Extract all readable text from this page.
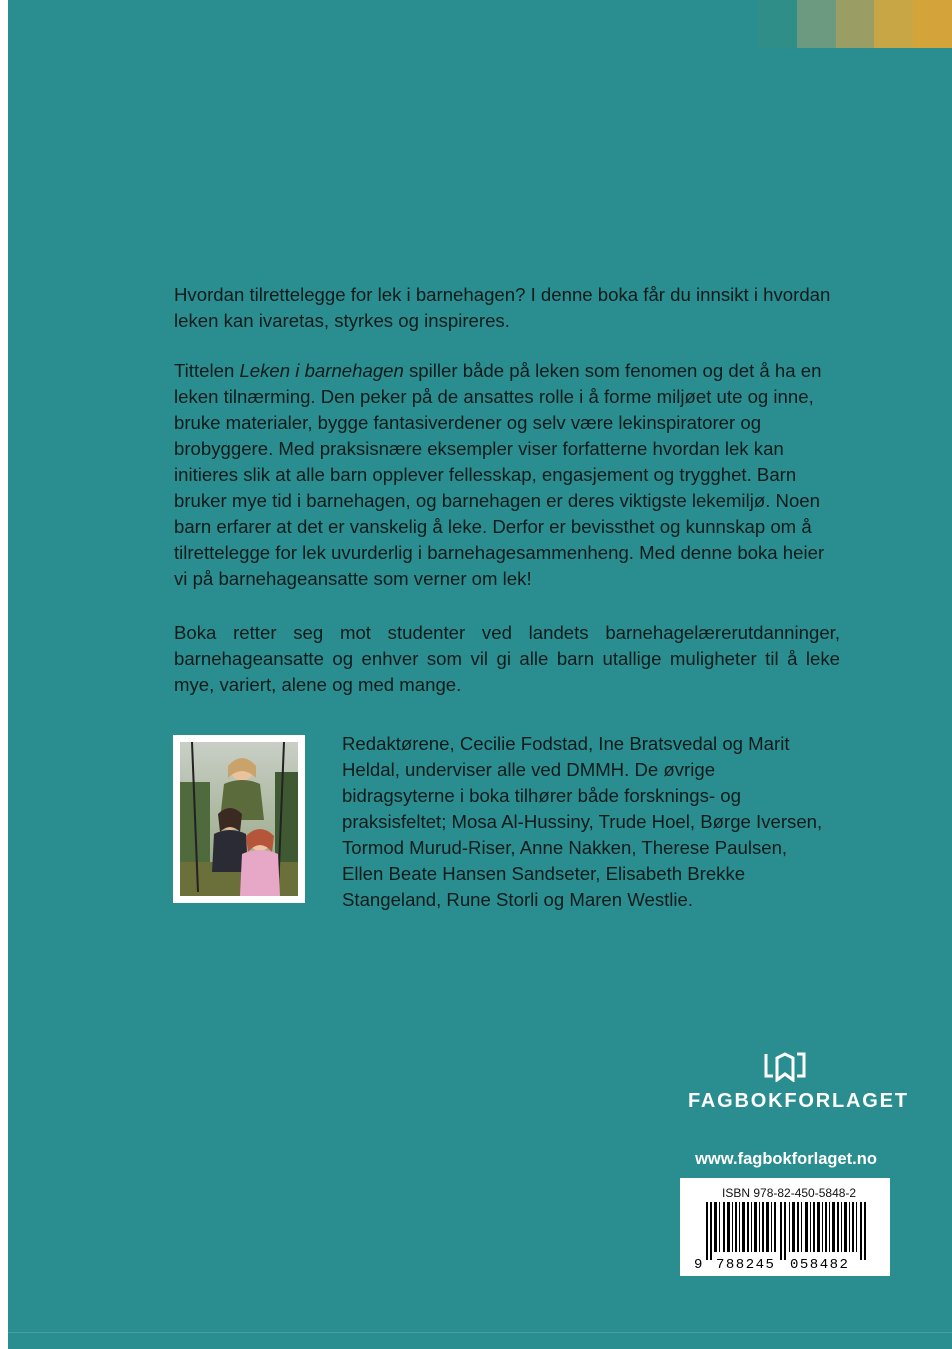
Hvordan tilrettelegge for lek i barnehagen? I denne boka får du innsikt i hvordan leken kan ivaretas, styrkes og inspireres.

Tittelen Leken i barnehagen spiller både på leken som fenomen og det å ha en leken tilnærming. Den peker på de ansattes rolle i å forme miljøet ute og inne, bruke materialer, bygge fantasiverdener og selv være lekinspiratorer og brobyggere. Med praksisnære eksempler viser forfatterne hvordan lek kan initieres slik at alle barn opplever fellesskap, engasjement og trygghet. Barn bruker mye tid i barnehagen, og barnehagen er deres viktigste lekemiljø. Noen barn erfarer at det er vanskelig å leke. Derfor er bevissthet og kunnskap om å tilrettelegge for lek uvurderlig i barnehagesammenheng. Med denne boka heier vi på barnehageansatte som verner om lek!

Boka retter seg mot studenter ved landets barnehagelærerutdanninger, barnehageansatte og enhver som vil gi alle barn utallige muligheter til å leke mye, variert, alene og med mange.

Redaktørene, Cecilie Fodstad, Ine Bratsvedal og Marit Heldal, underviser alle ved DMMH. De øvrige bidragsyterne i boka tilhører både forsknings- og praksisfeltet; Mosa Al-Hussiny, Trude Hoel, Børge Iversen, Tormod Murud-Riser, Anne Nakken, Therese Paulsen, Ellen Beate Hansen Sandseter, Elisabeth Brekke Stangeland, Rune Storli og Maren Westlie.

FAGBOKFORLAGET
www.fagbokforlaget.no
ISBN 978-82-450-5848-2
9 788245 058482
